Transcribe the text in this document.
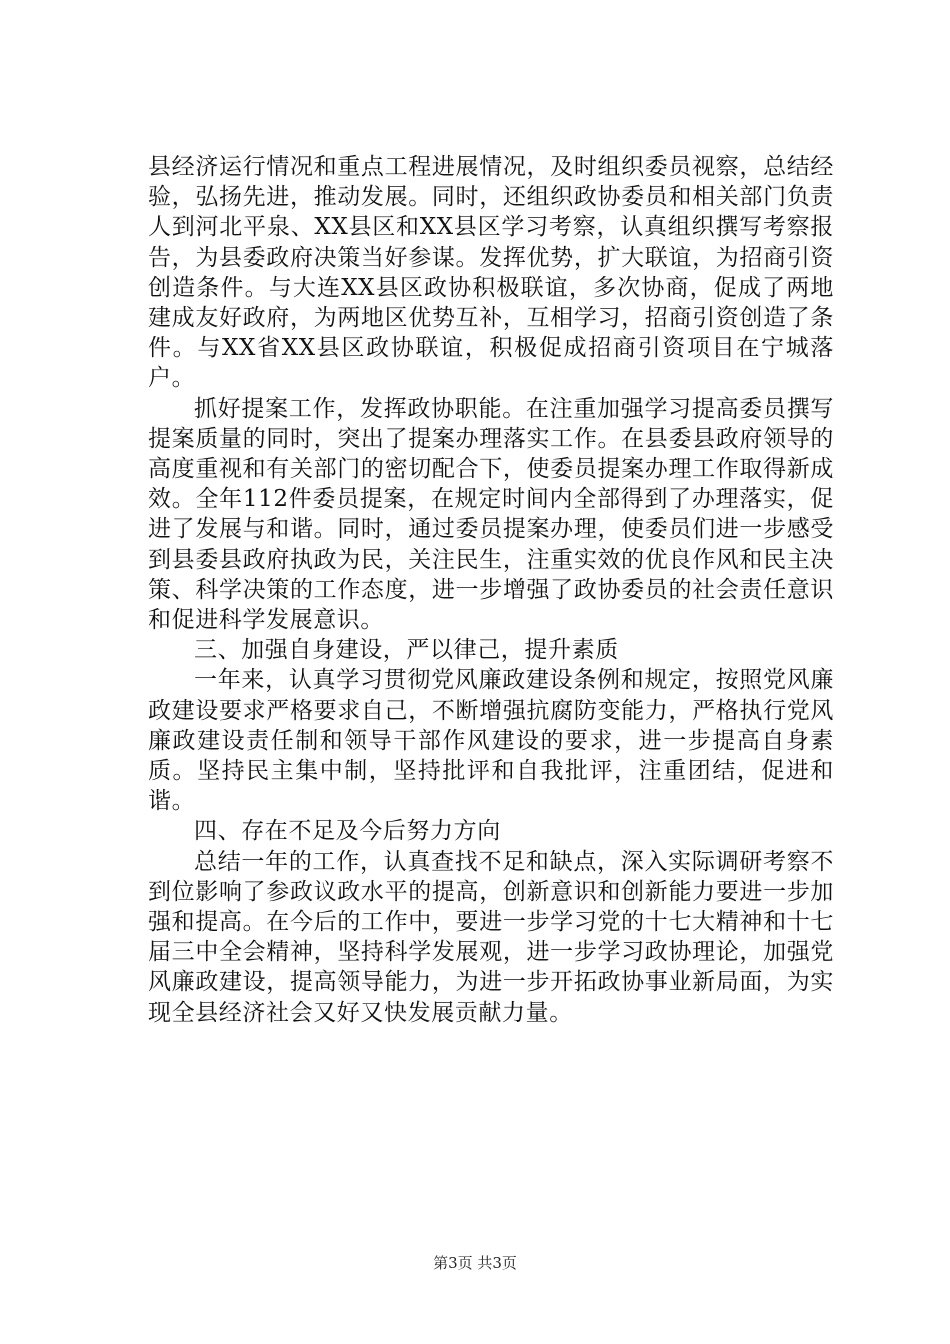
县经济运行情况和重点工程进展情况，及时组织委员视察，总结经验，弘扬先进，推动发展。同时，还组织政协委员和相关部门负责人到河北平泉、XX县区和XX县区学习考察，认真组织撰写考察报告，为县委政府决策当好参谋。发挥优势，扩大联谊，为招商引资创造条件。与大连XX县区政协积极联谊，多次协商，促成了两地建成友好政府，为两地区优势互补，互相学习，招商引资创造了条件。与XX省XX县区政协联谊，积极促成招商引资项目在宁城落户。

抓好提案工作，发挥政协职能。在注重加强学习提高委员撰写提案质量的同时，突出了提案办理落实工作。在县委县政府领导的高度重视和有关部门的密切配合下，使委员提案办理工作取得新成效。全年112件委员提案，在规定时间内全部得到了办理落实，促进了发展与和谐。同时，通过委员提案办理，使委员们进一步感受到县委县政府执政为民，关注民生，注重实效的优良作风和民主决策、科学决策的工作态度，进一步增强了政协委员的社会责任意识和促进科学发展意识。

三、加强自身建设，严以律己，提升素质

一年来，认真学习贯彻党风廉政建设条例和规定，按照党风廉政建设要求严格要求自己，不断增强抗腐防变能力，严格执行党风廉政建设责任制和领导干部作风建设的要求，进一步提高自身素质。坚持民主集中制，坚持批评和自我批评，注重团结，促进和谐。

四、存在不足及今后努力方向

总结一年的工作，认真查找不足和缺点，深入实际调研考察不到位影响了参政议政水平的提高，创新意识和创新能力要进一步加强和提高。在今后的工作中，要进一步学习党的十七大精神和十七届三中全会精神，坚持科学发展观，进一步学习政协理论，加强党风廉政建设，提高领导能力，为进一步开拓政协事业新局面，为实现全县经济社会又好又快发展贡献力量。

第3页 共3页
